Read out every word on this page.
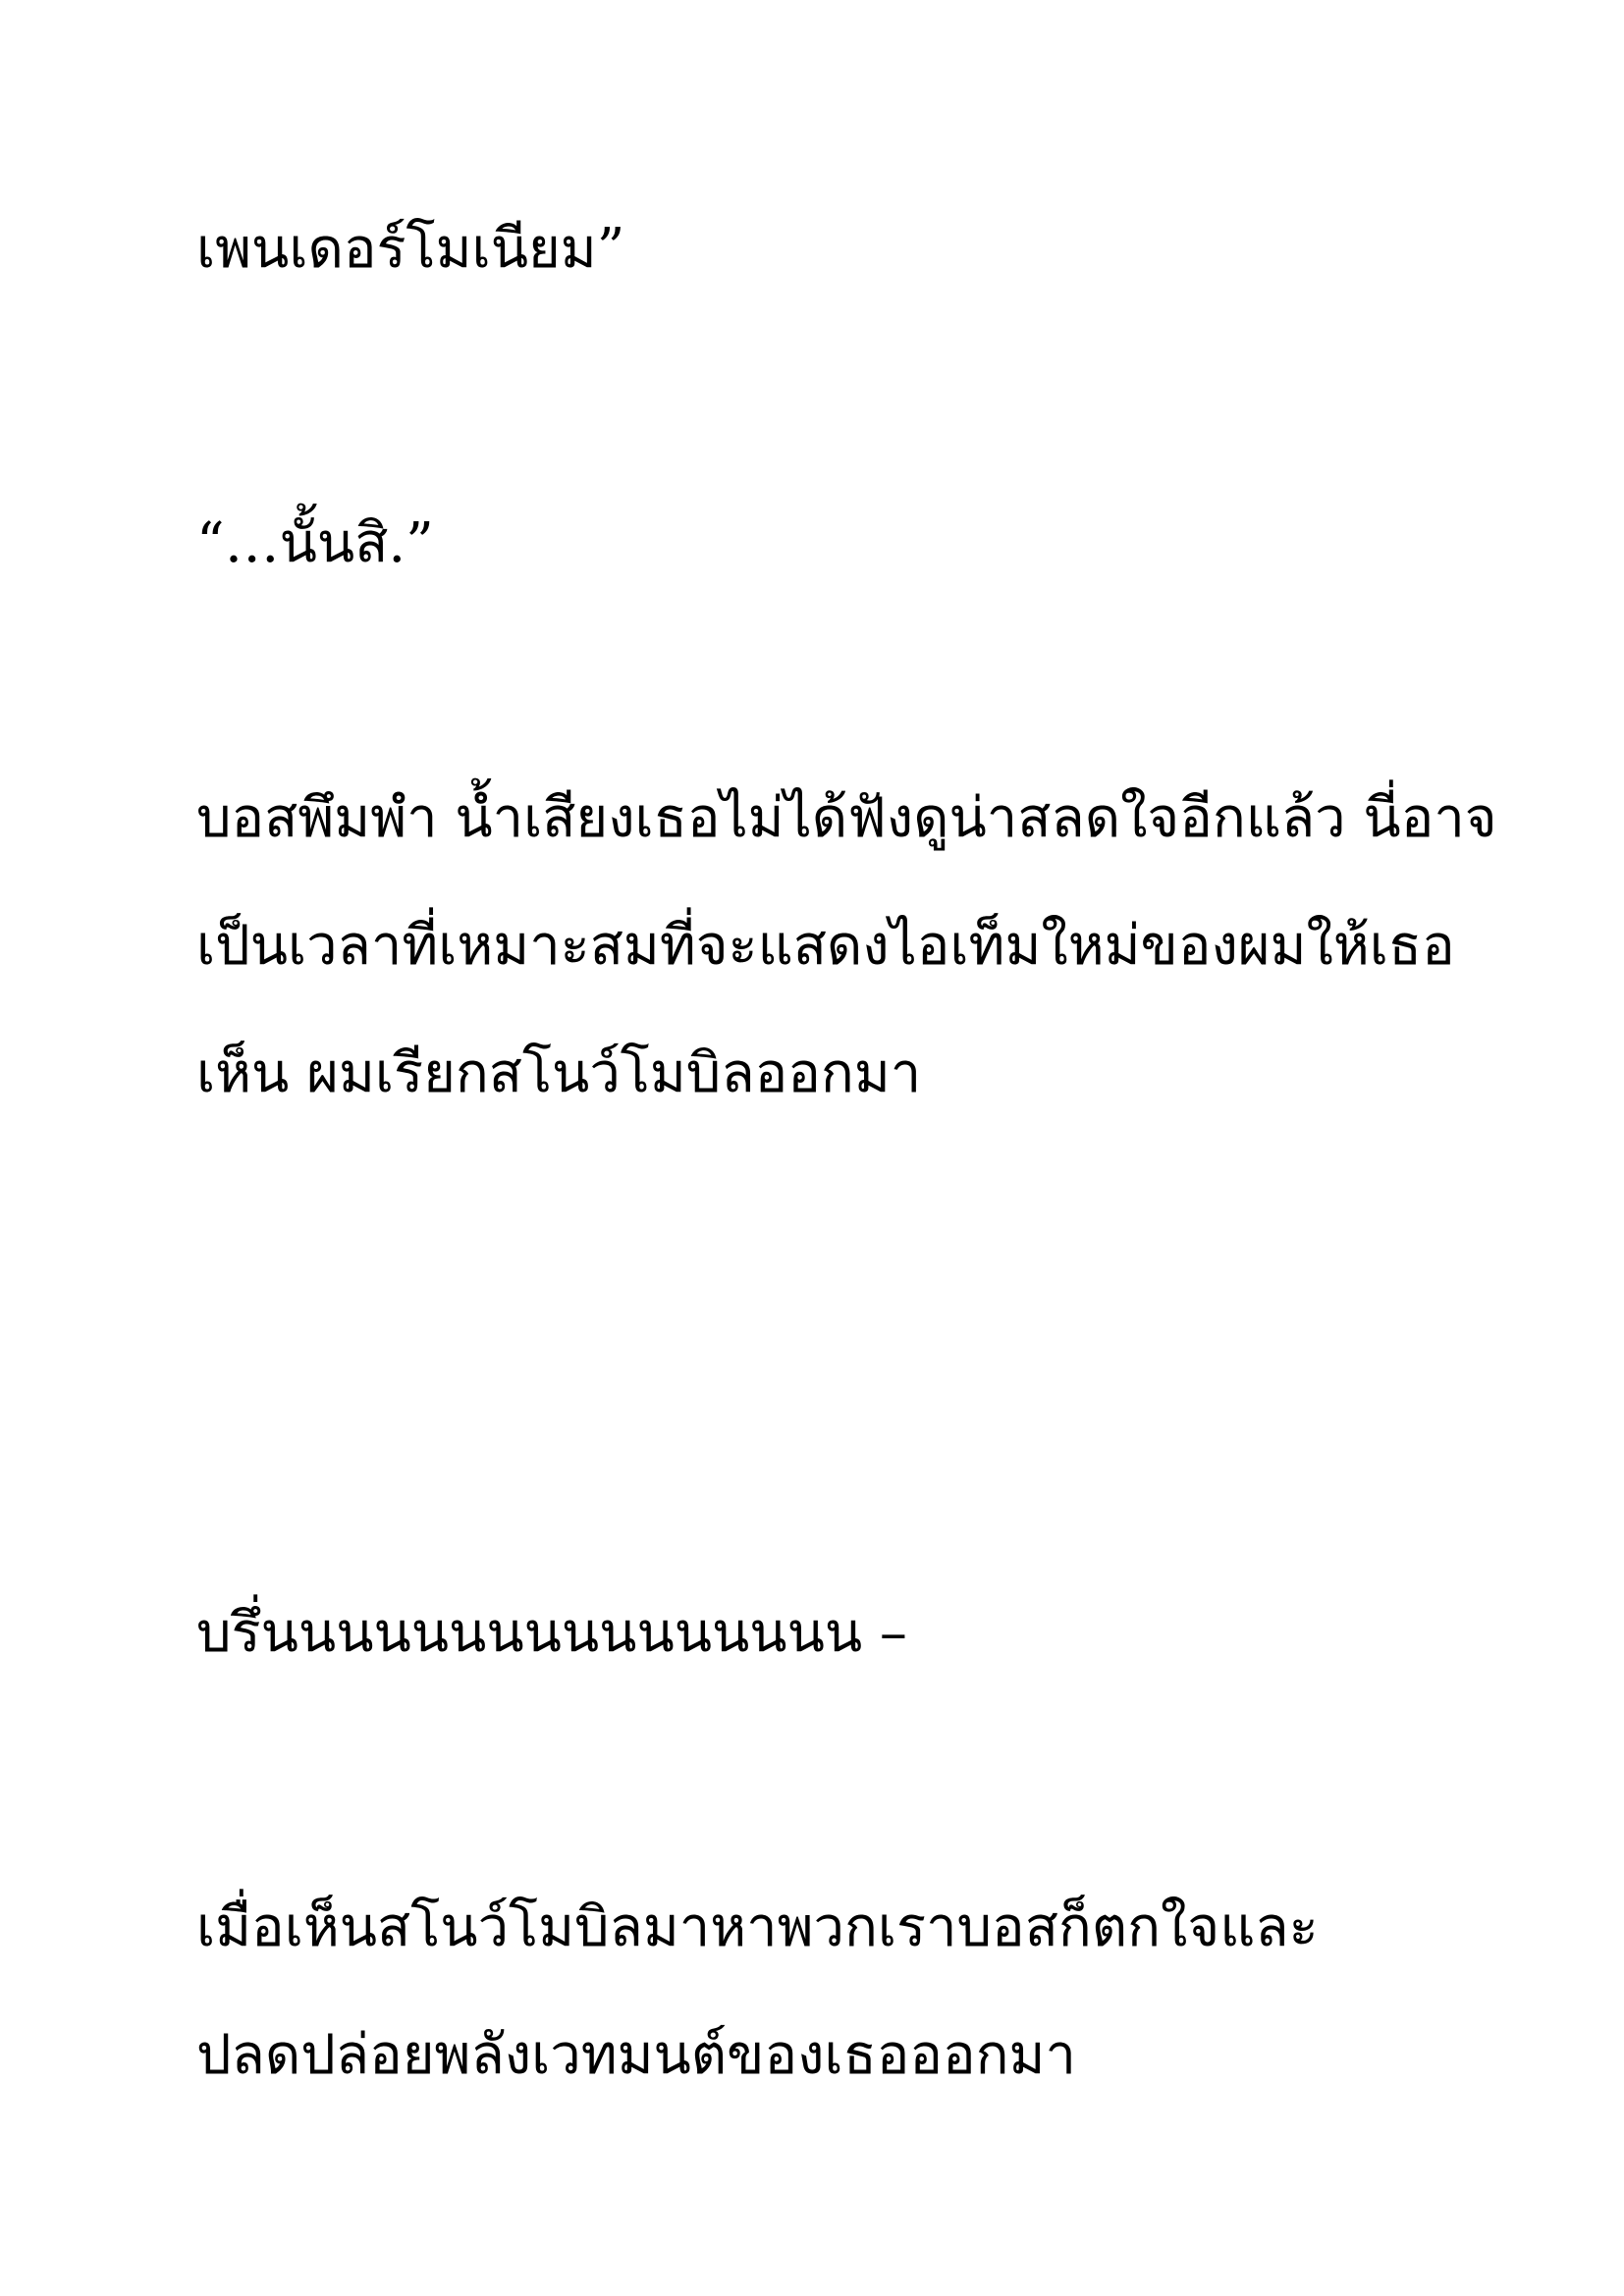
เพนเดอร์โมเนียม”

“…นั้นสิ.”

บอสพึมพำ น้ำเสียงเธอไม่ได้ฟังดูน่าสลดใจอีกแล้ว นี่อาจ

เป็นเวลาที่เหมาะสมที่จะแสดงไอเท็มใหม่ของผมให้เธอ

เห็น ผมเรียกสโนว์โมบิลออกมา

บรึ่นนนนนนนนนนนนนนนน –

เมื่อเห็นสโนว์โมบิลมาหาพวกเราบอสก็ตกใจและ

ปลดปล่อยพลังเวทมนต์ของเธอออกมา
